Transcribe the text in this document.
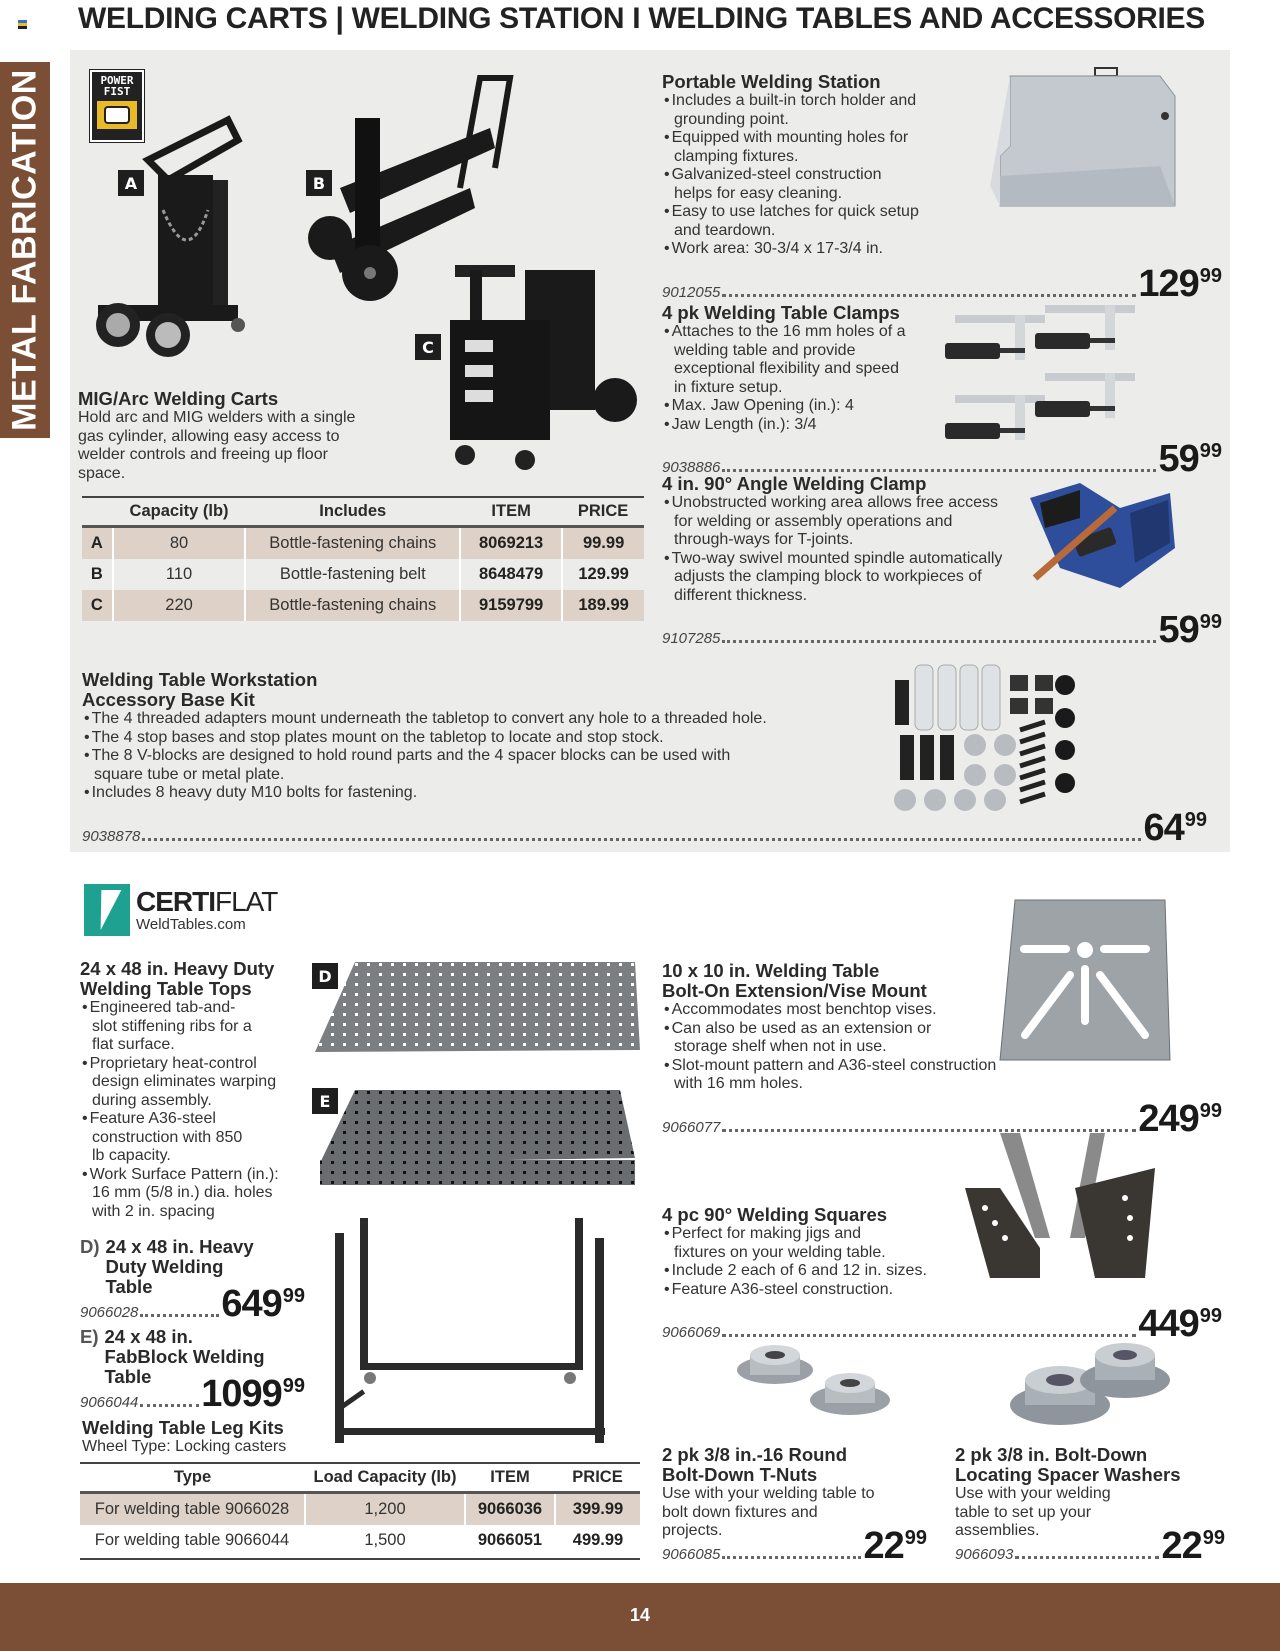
WELDING CARTS | WELDING STATION I WELDING TABLES AND ACCESSORIES
METAL FABRICATION	POWER
FIST
A	B
C
MIG/Arc Welding Carts
Hold arc and MIG welders with a single gas cylinder, allowing easy access to welder controls and freeing up floor space.
	Capacity (lb)	Includes	ITEM	PRICE
A	80	Bottle-fastening chains	8069213	99.99
B	110	Bottle-fastening belt	8648479	129.99
C	220	Bottle-fastening chains	9159799	189.99
Portable Welding Station
• Includes a built-in torch holder and grounding point.
• Equipped with mounting holes for clamping fixtures.
• Galvanized-steel construction helps for easy cleaning.
• Easy to use latches for quick setup and teardown.
• Work area: 30-3/4 x 17-3/4 in.
9012055	$129^{99}$
4 pk Welding Table Clamps
• Attaches to the 16 mm holes of a welding table and provide exceptional flexibility and speed in fixture setup.
• Max. Jaw Opening (in.): 4
• Jaw Length (in.): 3/4
9038886	$59^{99}$
4 in. 90° Angle Welding Clamp
• Unobstructed working area allows free access for welding or assembly operations and through-ways for T-joints.
• Two-way swivel mounted spindle automatically adjusts the clamping block to workpieces of different thickness.
9107285	$59^{99}$
Welding Table Workstation
Accessory Base Kit
• The 4 threaded adapters mount underneath the tabletop to convert any hole to a threaded hole.
• The 4 stop bases and stop plates mount on the tabletop to locate and stop stock.
• The 8 V-blocks are designed to hold round parts and the 4 spacer blocks can be used with square tube or metal plate.
• Includes 8 heavy duty M10 bolts for fastening.
9038878	$64^{99}$
CERTIFLAT
WeldTables.com
24 x 48 in. Heavy Duty Welding Table Tops
• Engineered tab-and-slot stiffening ribs for a flat surface.
• Proprietary heat-control design eliminates warping during assembly.
• Feature A36-steel construction with 850 lb capacity.
• Work Surface Pattern (in.): 16 mm (5/8 in.) dia. holes with 2 in. spacing
D) 24 x 48 in. Heavy Duty Welding Table
9066028 $649^{99}$
E) 24 x 48 in. FabBlock Welding Table
9066044 1099$^{99}$
D
E
Welding Table Leg Kits
Wheel Type: Locking casters
Type	Load Capacity (lb)	ITEM	PRICE
For welding table 9066028	1,200	9066036	399.99
For welding table 9066044	1,500	9066051	499.99
10 x 10 in. Welding Table
Bolt-On Extension/Vise Mount
• Accommodates most benchtop vises.
• Can also be used as an extension or storage shelf when not in use.
• Slot-mount pattern and A36-steel construction with 16 mm holes.
9066077	$249^{99}$
4 pc 90° Welding Squares
• Perfect for making jigs and fixtures on your welding table.
• Include 2 each of 6 and 12 in. sizes.
• Feature A36-steel construction.
9066069	$449^{99}$
2 pk 3/8 in.-16 Round
Bolt-Down T-Nuts
Use with your welding table to bolt down fixtures and projects.
9066085	$22^{99}$
2 pk 3/8 in. Bolt-Down
Locating Spacer Washers
Use with your welding table to set up your assemblies.
9066093	$22^{99}$
14
